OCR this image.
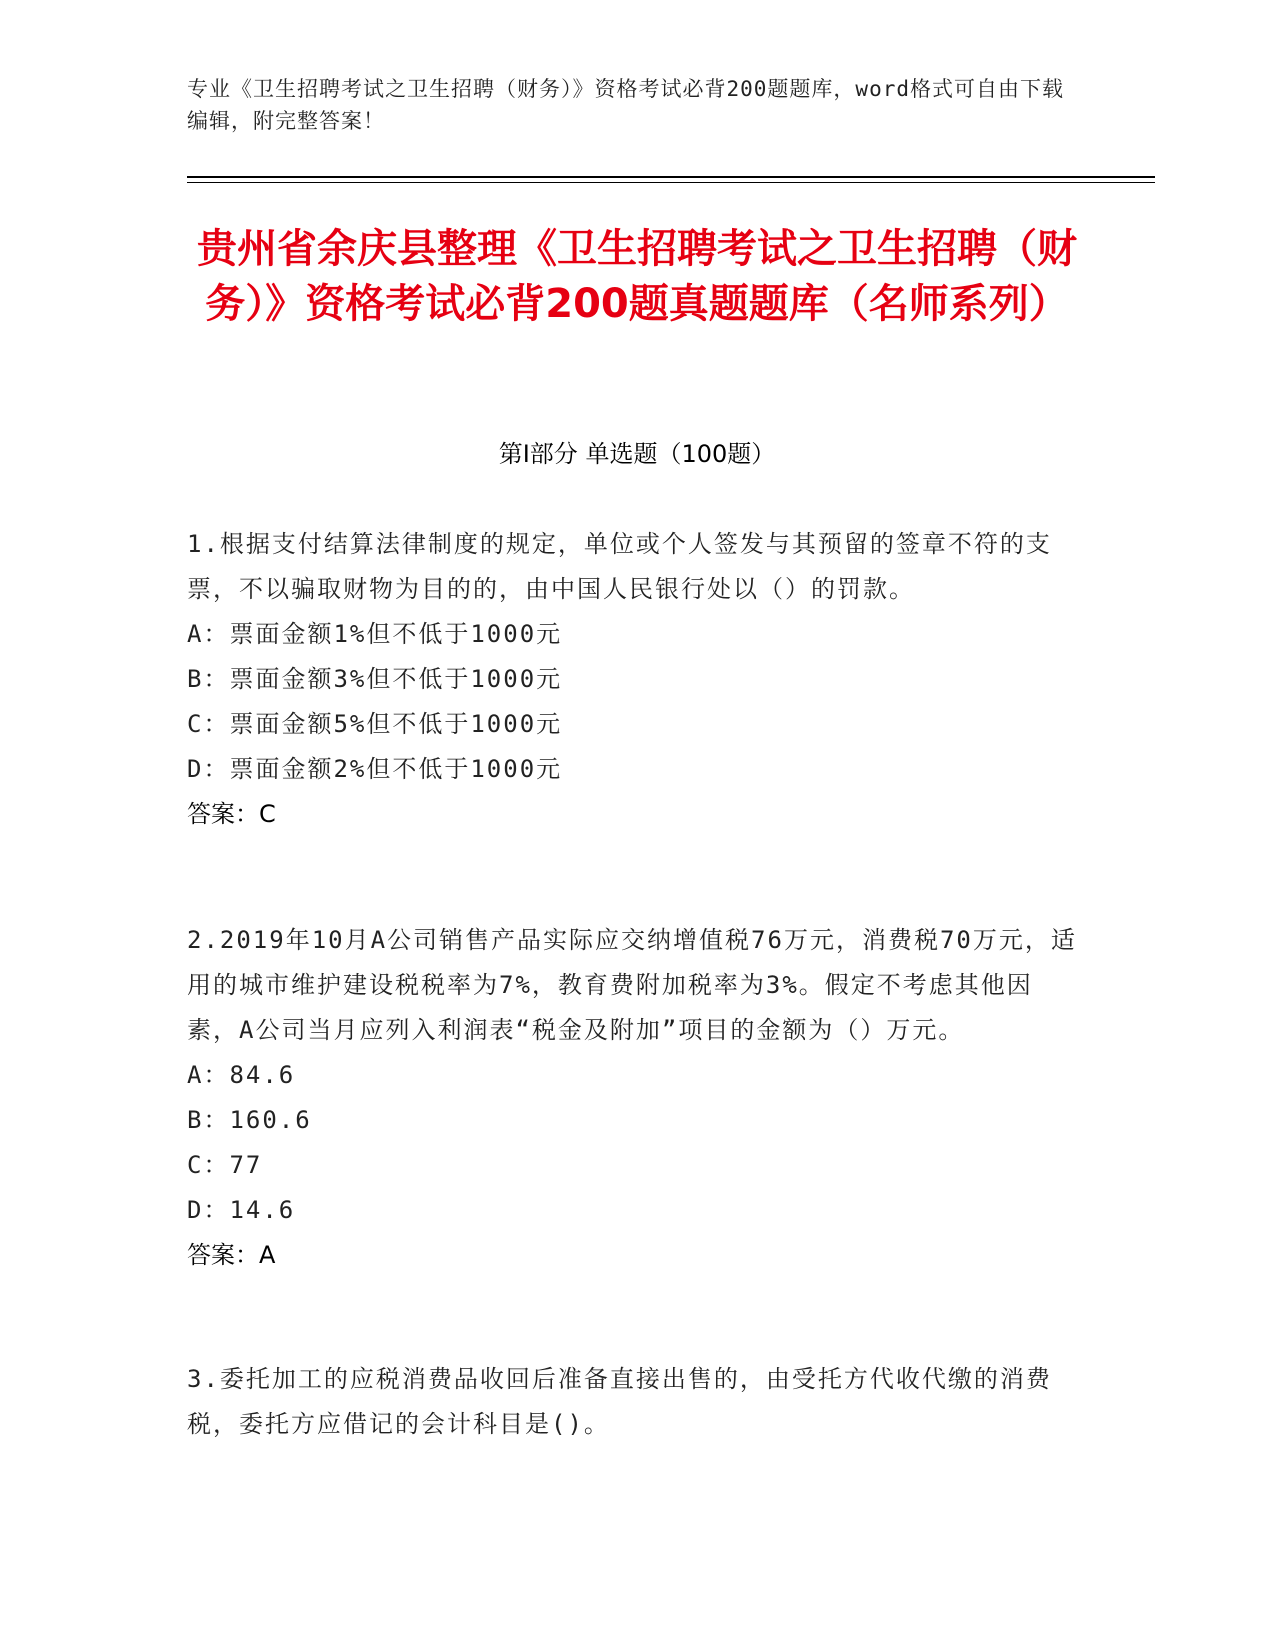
专业《卫生招聘考试之卫生招聘（财务）》资格考试必背200题题库，word格式可自由下载编辑，附完整答案！
贵州省余庆县整理《卫生招聘考试之卫生招聘（财务）》资格考试必背200题真题题库（名师系列）
第Ⅰ部分 单选题（100题）

1.根据支付结算法律制度的规定，单位或个人签发与其预留的签章不符的支票，不以骗取财物为目的的，由中国人民银行处以（）的罚款。

A：票面金额1%但不低于1000元

B：票面金额3%但不低于1000元

C：票面金额5%但不低于1000元

D：票面金额2%但不低于1000元

答案：C

2.2019年10月A公司销售产品实际应交纳增值税76万元，消费税70万元，适用的城市维护建设税税率为7%，教育费附加税率为3%。假定不考虑其他因素，A公司当月应列入利润表“税金及附加”项目的金额为（）万元。

A：84.6

B：160.6

C：77

D：14.6

答案：A

3.委托加工的应税消费品收回后准备直接出售的，由受托方代收代缴的消费税，委托方应借记的会计科目是()。
